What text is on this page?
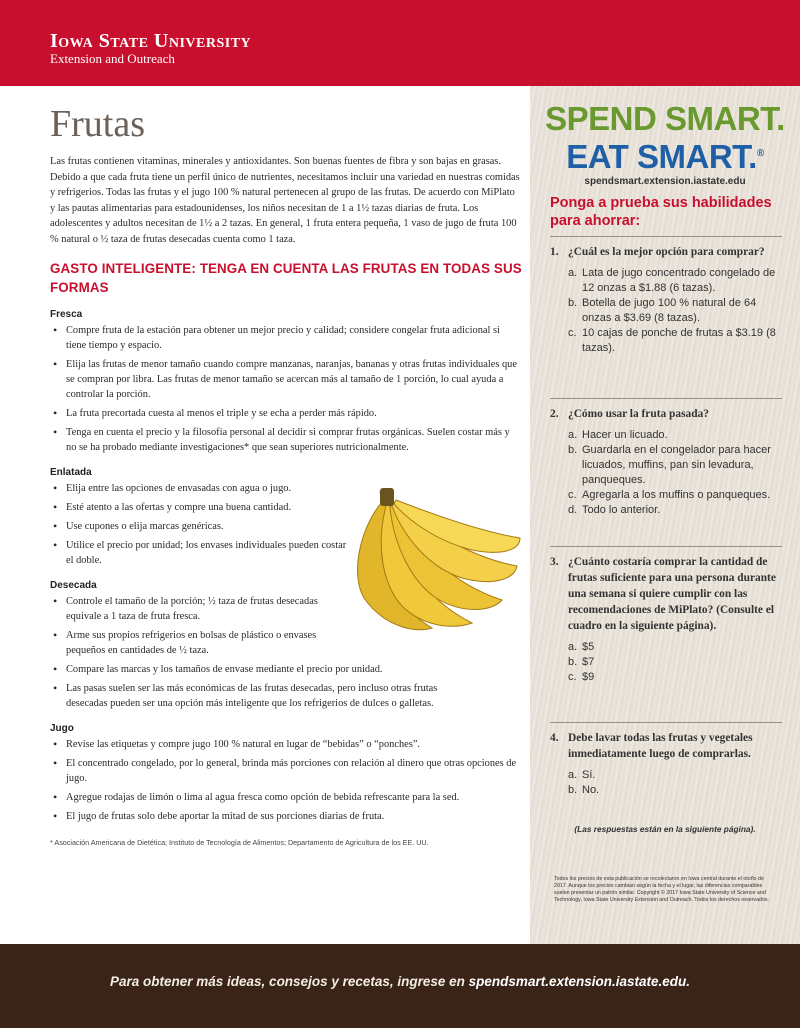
Iowa State University
Extension and Outreach
Frutas

Las frutas contienen vitaminas, minerales y antioxidantes. Son buenas fuentes de fibra y son bajas en grasas. Debido a que cada fruta tiene un perfil único de nutrientes, necesitamos incluir una variedad en nuestras comidas y refrigerios. Todas las frutas y el jugo 100 % natural pertenecen al grupo de las frutas. De acuerdo con MiPlato y las pautas alimentarias para estadounidenses, los niños necesitan de 1 a 1½ tazas diarias de fruta. Los adolescentes y adultos necesitan de 1½ a 2 tazas. En general, 1 fruta entera pequeña, 1 vaso de jugo de fruta 100 % natural o ½ taza de frutas desecadas cuenta como 1 taza.

GASTO INTELIGENTE: TENGA EN CUENTA LAS FRUTAS EN TODAS SUS FORMAS
Fresca
• Compre fruta de la estación para obtener un mejor precio y calidad; considere congelar fruta adicional si tiene tiempo y espacio.
• Elija las frutas de menor tamaño cuando compre manzanas, naranjas, bananas y otras frutas individuales que se compran por libra. Las frutas de menor tamaño se acercan más al tamaño de 1 porción, lo cual ayuda a controlar la porción.
• La fruta precortada cuesta al menos el triple y se echa a perder más rápido.
• Tenga en cuenta el precio y la filosofía personal al decidir si comprar frutas orgánicas. Suelen costar más y no se ha probado mediante investigaciones* que sean superiores nutricionalmente.
Enlatada
• Elija entre las opciones de envasadas con agua o jugo.
• Esté atento a las ofertas y compre una buena cantidad.
• Use cupones o elija marcas genéricas.
• Utilice el precio por unidad; los envases individuales pueden costar el doble.
Desecada
• Controle el tamaño de la porción; ½ taza de frutas desecadas equivale a 1 taza de fruta fresca.
• Arme sus propios refrigerios en bolsas de plástico o envases pequeños en cantidades de ½ taza.
• Compare las marcas y los tamaños de envase mediante el precio por unidad.
• Las pasas suelen ser las más económicas de las frutas desecadas, pero incluso otras frutas desecadas pueden ser una opción más inteligente que los refrigerios de dulces o galletas.
Jugo
• Revise las etiquetas y compre jugo 100 % natural en lugar de “bebidas” o “ponches”.
• El concentrado congelado, por lo general, brinda más porciones con relación al dinero que otras opciones de jugo.
• Agregue rodajas de limón o lima al agua fresca como opción de bebida refrescante para la sed.
• El jugo de frutas solo debe aportar la mitad de sus porciones diarias de fruta.

* Asociación Americana de Dietética; Instituto de Tecnología de Alimentos; Departamento de Agricultura de los EE. UU.

SPEND SMART.
EAT SMART.®
spendsmart.extension.iastate.edu
Ponga a prueba sus habilidades para ahorrar:
1. ¿Cuál es la mejor opción para comprar?
a. Lata de jugo concentrado congelado de 12 onzas a $1.88 (6 tazas).
b. Botella de jugo 100 % natural de 64 onzas a $3.69 (8 tazas).
c. 10 cajas de ponche de frutas a $3.19 (8 tazas).
2. ¿Cómo usar la fruta pasada?
a. Hacer un licuado.
b. Guardarla en el congelador para hacer licuados, muffins, pan sin levadura, panqueques.
c. Agregarla a los muffins o panqueques.
d. Todo lo anterior.
3. ¿Cuánto costaría comprar la cantidad de frutas suficiente para una persona durante una semana si quiere cumplir con las recomendaciones de MiPlato? (Consulte el cuadro en la siguiente página).
a. $5
b. $7
c. $9
4. Debe lavar todas las frutas y vegetales inmediatamente luego de comprarlas.
a. Sí.
b. No.
(Las respuestas están en la siguiente página).
Todos los precios de esta publicación se recolectaron en Iowa central durante el otoño de 2017. Aunque los precios cambian según la fecha y el lugar, las diferencias comparables suelen presentar un patrón similar. Copyright © 2017 Iowa State University of Science and Technology, Iowa State University Extension and Outreach. Todos los derechos reservados.
Para obtener más ideas, consejos y recetas, ingrese en spendsmart.extension.iastate.edu.
